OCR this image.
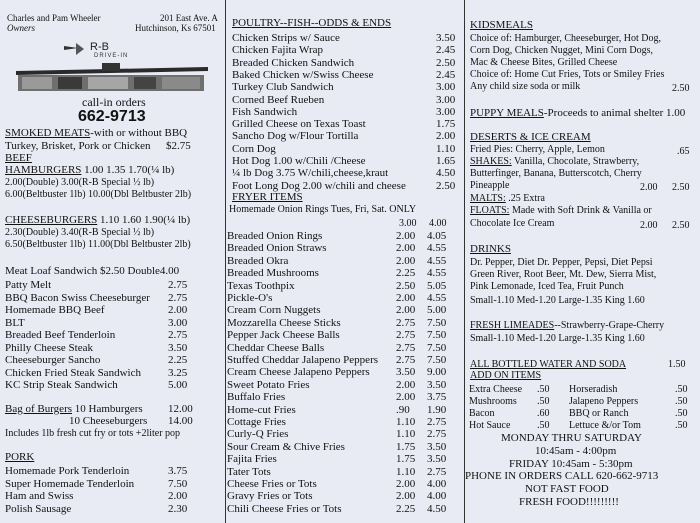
Charles and Pam Wheeler
Owners
201 East Ave. A
Hutchinson, Ks 67501
R-B
DRIVE-IN
call-in orders
662-9713
SMOKED MEATS-with or without BBQ
Turkey, Brisket, Pork or Chicken $2.75
BEEF
HAMBURGERS 1.00 1.35 1.70(¼ lb)
2.00(Double) 3.00(R-B Special ½ lb)
6.00(Beltbuster 1lb) 10.00(Dbl Beltbuster 2lb)
CHEESEBURGERS 1.10 1.60 1.90(¼ lb)
2.30(Double) 3.40(R-B Special ½ lb)
6.50(Beltbuster 1lb) 11.00(Dbl Beltbuster 2lb)
Meat Loaf Sandwich $2.50 Double4.00
Patty Melt	2.75
BBQ Bacon Swiss Cheeseburger 2.75
Homemade BBQ Beef	2.00
BLT	3.00
Breaded Beef Tenderloin	2.75
Philly Cheese Steak	3.50
Cheeseburger Sancho	2.25
Chicken Fried Steak Sandwich 3.25
KC Strip Steak Sandwich	5.00
Bag of Burgers 10 Hamburgers 12.00
10 Cheeseburgers 14.00
Includes 1lb fresh cut fry or tots +2liter pop
PORK
Homemade Pork Tenderloin	3.75
Super Homemade Tenderloin	7.50
Ham and Swiss	2.00
Polish Sausage	2.30
POULTRY--FISH--ODDS & ENDS
Chicken Strips w/ Sauce	3.50
Chicken Fajita Wrap	2.45
Breaded Chicken Sandwich	2.50
Baked Chicken w/Swiss Cheese	2.45
Turkey Club Sandwich	3.00
Corned Beef Rueben	3.00
Fish Sandwich	3.00
Grilled Cheese on Texas Toast	1.75
Sancho Dog w/Flour Tortilla	2.00
Corn Dog	1.10
Hot Dog 1.00 w/Chili /Cheese	1.65
¼ lb Dog 3.75 W/chili,cheese,kraut	4.50
Foot Long Dog 2.00 w/chili and cheese	2.50
FRYER ITEMS
Homemade Onion Rings Tues, Fri, Sat. ONLY
3.00 4.00
Breaded Onion Rings	2.00 4.05
Breaded Onion Straws	2.00 4.55
Breaded Okra	2.00 4.55
Breaded Mushrooms	2.25 4.55
Texas Toothpix	2.50 5.05
Pickle-O's	2.00 4.55
Cream Corn Nuggets	2.00 5.00
Mozzarella Cheese Sticks	2.75 7.50
Pepper Jack Cheese Balls	2.75 7.50
Cheddar Cheese Balls	2.75 7.50
Stuffed Cheddar Jalapeno Peppers 2.75 7.50
Cream Cheese Jalapeno Peppers 3.50 9.00
Sweet Potato Fries	2.00 3.50
Buffalo Fries	2.00 3.75
Home-cut Fries	.90 1.90
Cottage Fries	1.10 2.75
Curly-Q Fries	1.10 2.75
Sour Cream & Chive Fries	1.75 3.50
Fajita Fries	1.75 3.50
Tater Tots	1.10 2.75
Cheese Fries or Tots	2.00 4.00
Gravy Fries or Tots	2.00 4.00
Chili Cheese Fries or Tots	2.25 4.50
KIDSMEALS
Choice of: Hamburger, Cheeseburger, Hot Dog,
Corn Dog, Chicken Nugget, Mini Corn Dogs,
Mac & Cheese Bites, Grilled Cheese
Choice of: Home Cut Fries, Tots or Smiley Fries
Any child size soda or milk	2.50
PUPPY MEALS-Proceeds to animal shelter 1.00
DESERTS & ICE CREAM
Fried Pies: Cherry, Apple, Lemon	.65
SHAKES: Vanilla, Chocolate, Strawberry,
Butterfinger, Banana, Butterscotch, Cherry
Pineapple	2.00 2.50
MALTS: .25 Extra
FLOATS: Made with Soft Drink & Vanilla or
Chocolate Ice Cream	2.00 2.50
DRINKS
Dr. Pepper, Diet Dr. Pepper, Pepsi, Diet Pepsi
Green River, Root Beer, Mt. Dew, Sierra Mist,
Pink Lemonade, Iced Tea, Fruit Punch
Small-1.10 Med-1.20 Large-1.35 King 1.60
FRESH LIMEADES--Strawberry-Grape-Cherry
Small-1.10 Med-1.20 Large-1.35 King 1.60
ALL BOTTLED WATER AND SODA	1.50
ADD ON ITEMS
Extra Cheese .50 Horseradish	.50
Mushrooms .50 Jalapeno Peppers	.50
Bacon	.60 BBQ or Ranch	.50
Hot Sauce	.50 Lettuce &/or Tom	.50
MONDAY THRU SATURDAY
10:45am - 4:00pm
FRIDAY 10:45am - 5:30pm
PHONE IN ORDERS CALL 620-662-9713
NOT FAST FOOD
FRESH FOOD!!!!!!!!!
